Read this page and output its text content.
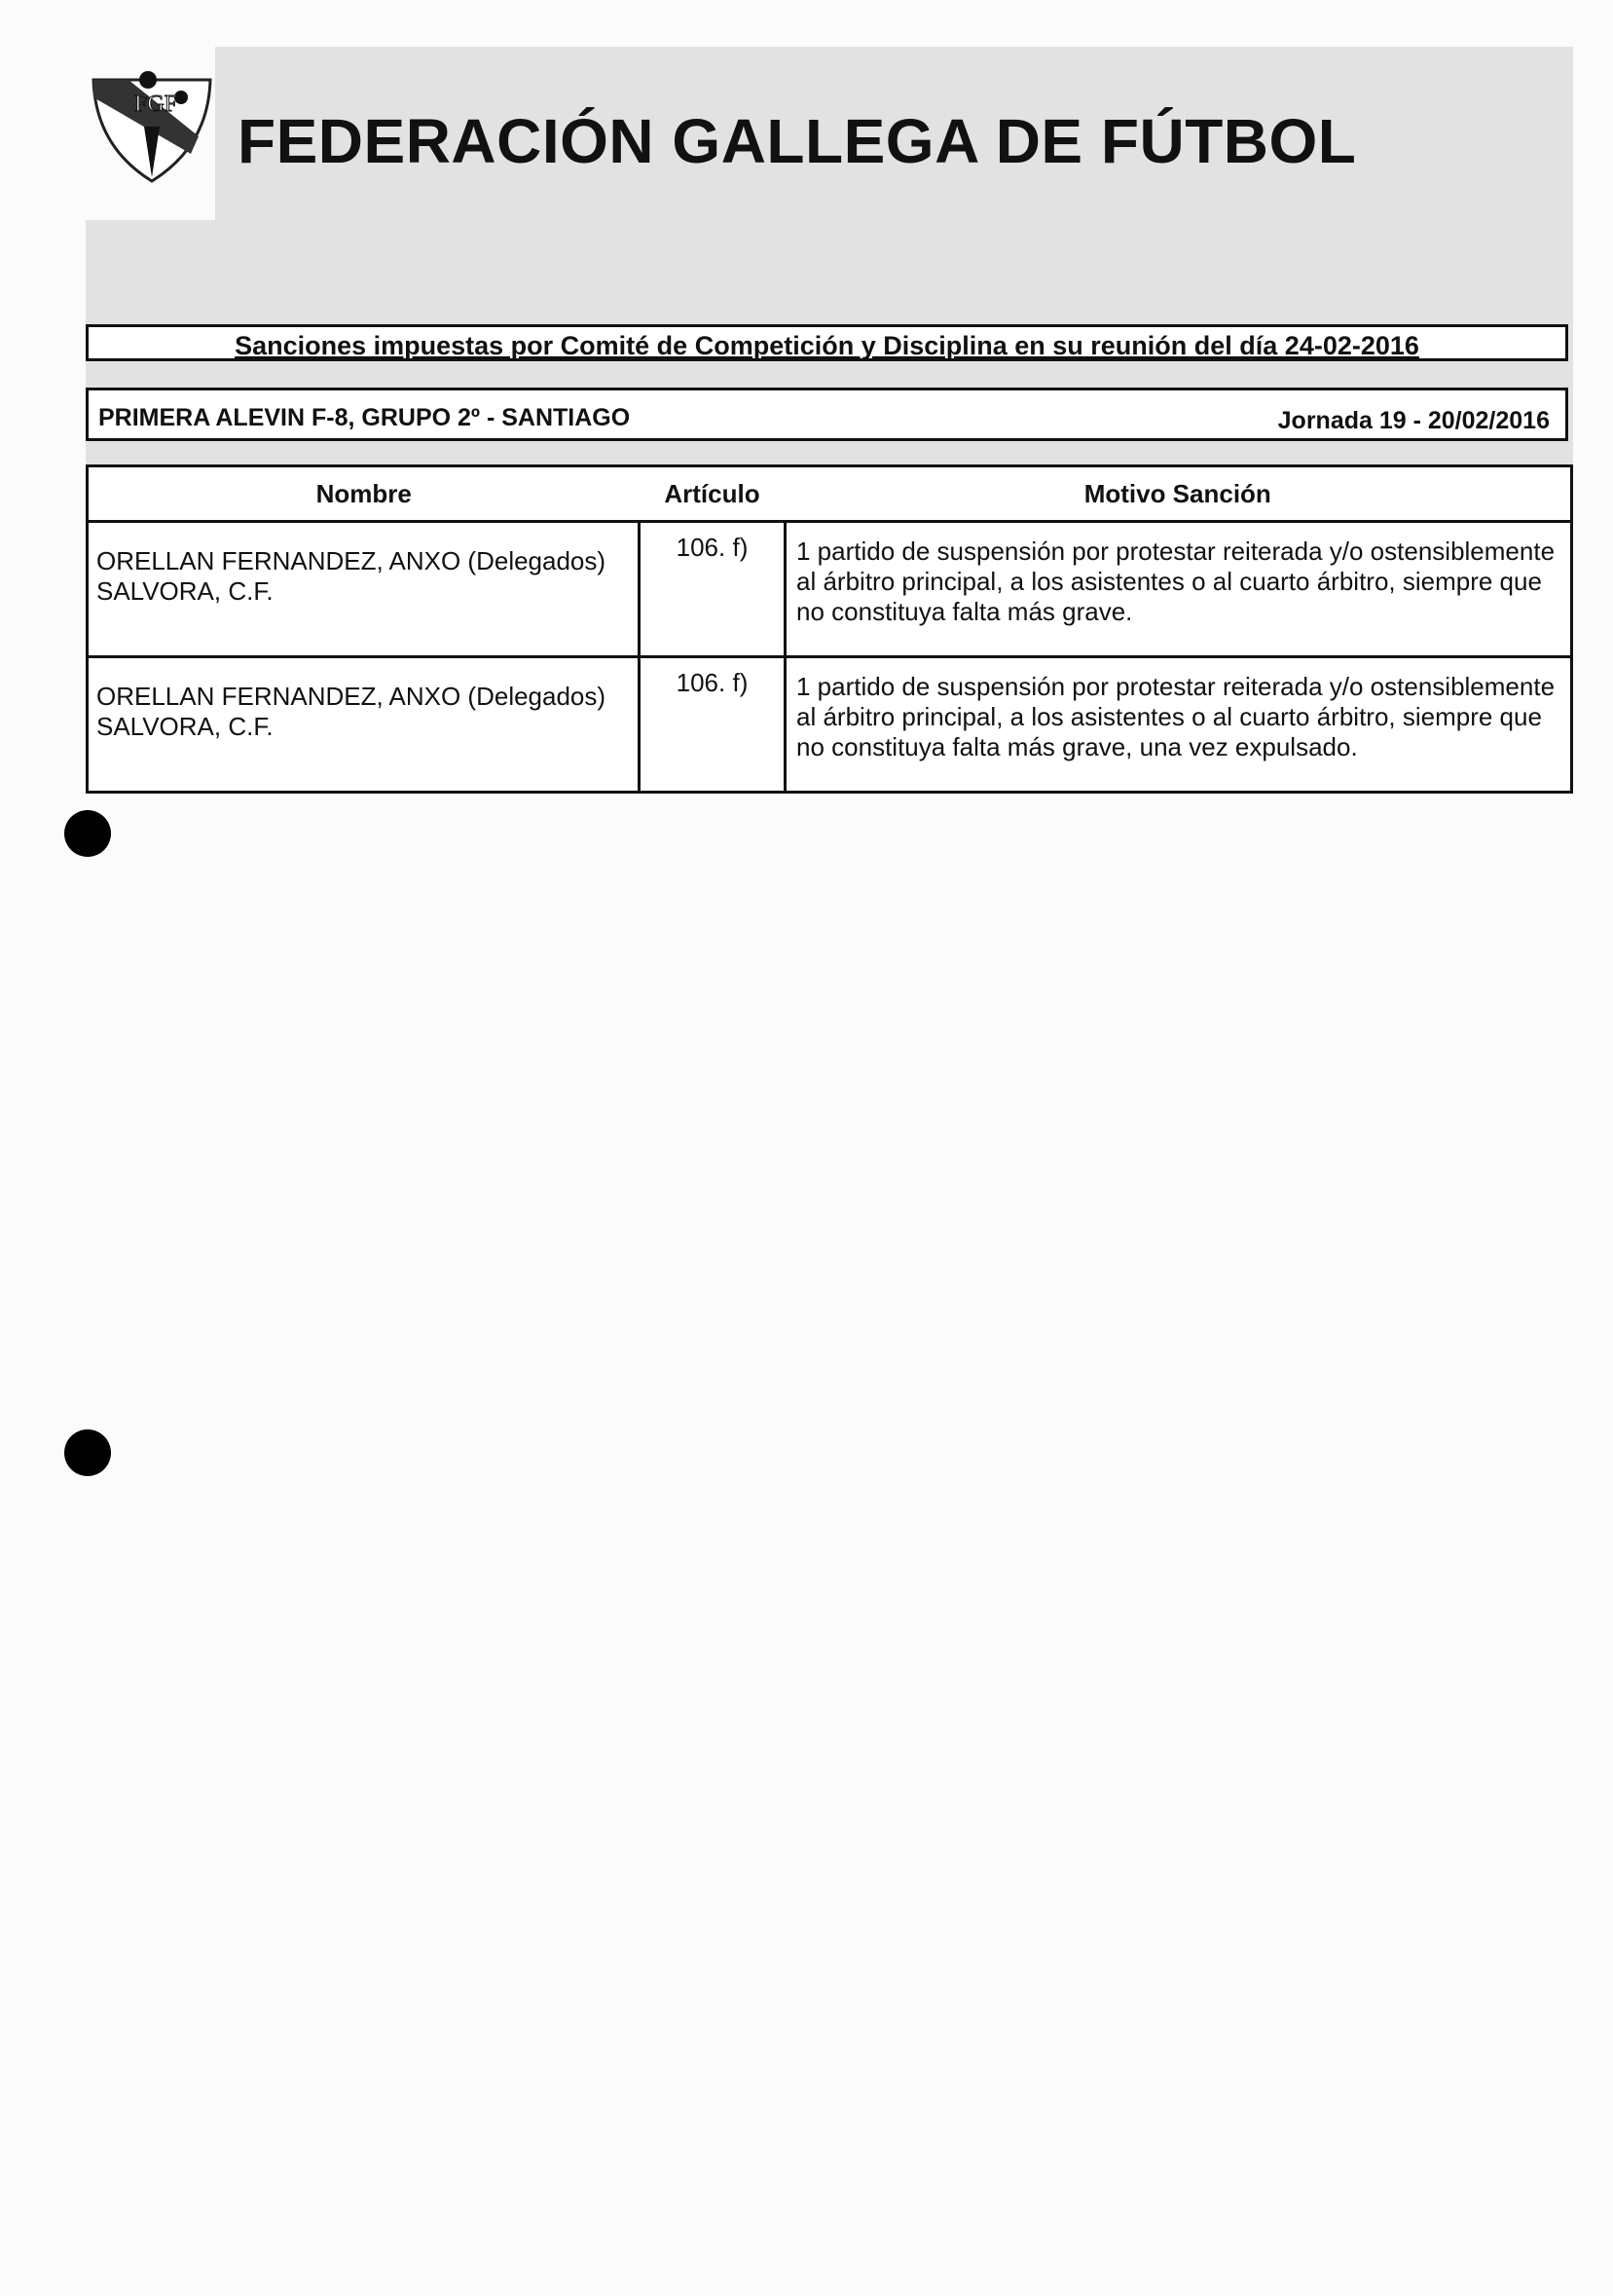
FGF
FEDERACIÓN GALLEGA DE FÚTBOL
Sanciones impuestas por Comité de Competición y Disciplina en su reunión del día 24-02-2016
PRIMERA ALEVIN F-8, GRUPO 2º - SANTIAGO	Jornada 19 - 20/02/2016
Nombre	Artículo	Motivo Sanción

ORELLAN FERNANDEZ, ANXO (Delegados)
SALVORA, C.F.	106. f)	1 partido de suspensión por protestar reiterada y/o ostensiblemente al árbitro principal, a los asistentes o al cuarto árbitro, siempre que no constituya falta más grave.

ORELLAN FERNANDEZ, ANXO (Delegados)
SALVORA, C.F.	106. f)	1 partido de suspensión por protestar reiterada y/o ostensiblemente al árbitro principal, a los asistentes o al cuarto árbitro, siempre que no constituya falta más grave, una vez expulsado.
